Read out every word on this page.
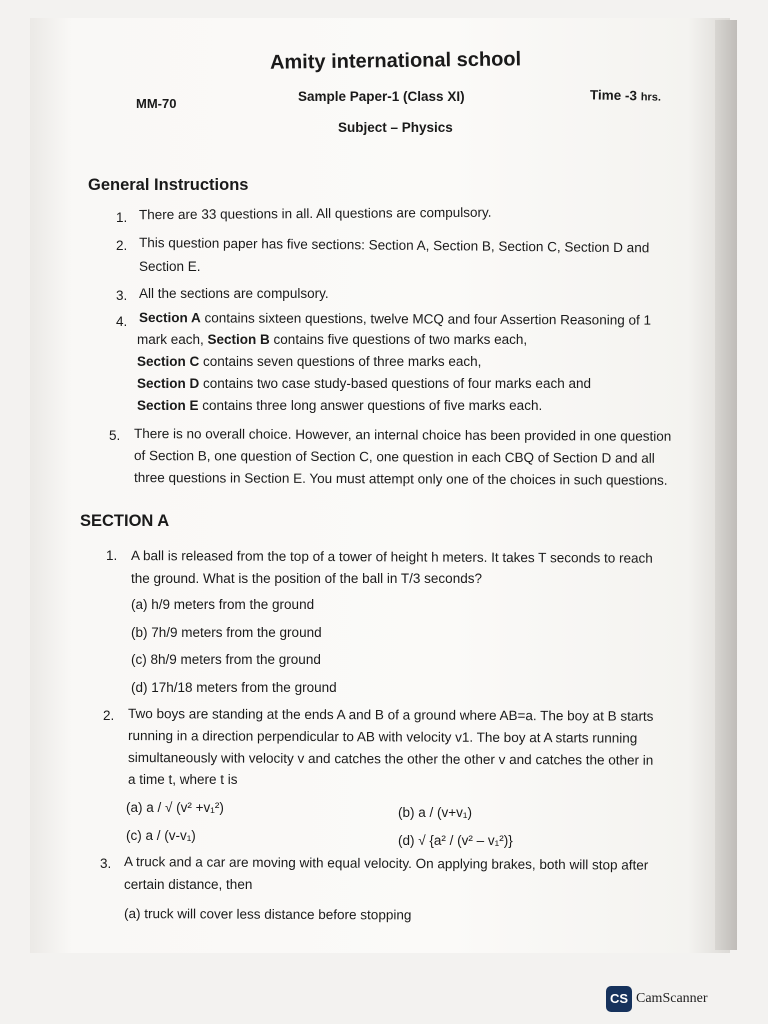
Amity international school
MM-70	Sample Paper-1 (Class XI)	Time -3 hrs.
Subject – Physics
General Instructions
1. There are 33 questions in all. All questions are compulsory.
2. This question paper has five sections: Section A, Section B, Section C, Section D and
Section E.
3. All the sections are compulsory.
4. Section A contains sixteen questions, twelve MCQ and four Assertion Reasoning of 1
mark each, Section B contains five questions of two marks each,
Section C contains seven questions of three marks each,
Section D contains two case study-based questions of four marks each and
Section E contains three long answer questions of five marks each.
5. There is no overall choice. However, an internal choice has been provided in one question
of Section B, one question of Section C, one question in each CBQ of Section D and all
three questions in Section E. You must attempt only one of the choices in such questions.
SECTION A
1. A ball is released from the top of a tower of height h meters. It takes T seconds to reach
the ground. What is the position of the ball in T/3 seconds?
(a) h/9 meters from the ground
(b) 7h/9 meters from the ground
(c) 8h/9 meters from the ground
(d) 17h/18 meters from the ground
2. Two boys are standing at the ends A and B of a ground where AB=a. The boy at B starts
running in a direction perpendicular to AB with velocity v1. The boy at A starts running
simultaneously with velocity v and catches the other the other v and catches the other in
a time t, where t is
(a) a / √ (v² +v₁²)	(b) a / (v+v₁)
(c) a / (v-v₁)	(d) √ {a² / (v² – v₁²)}
3. A truck and a car are moving with equal velocity. On applying brakes, both will stop after
certain distance, then
(a) truck will cover less distance before stopping
CS CamScanner
